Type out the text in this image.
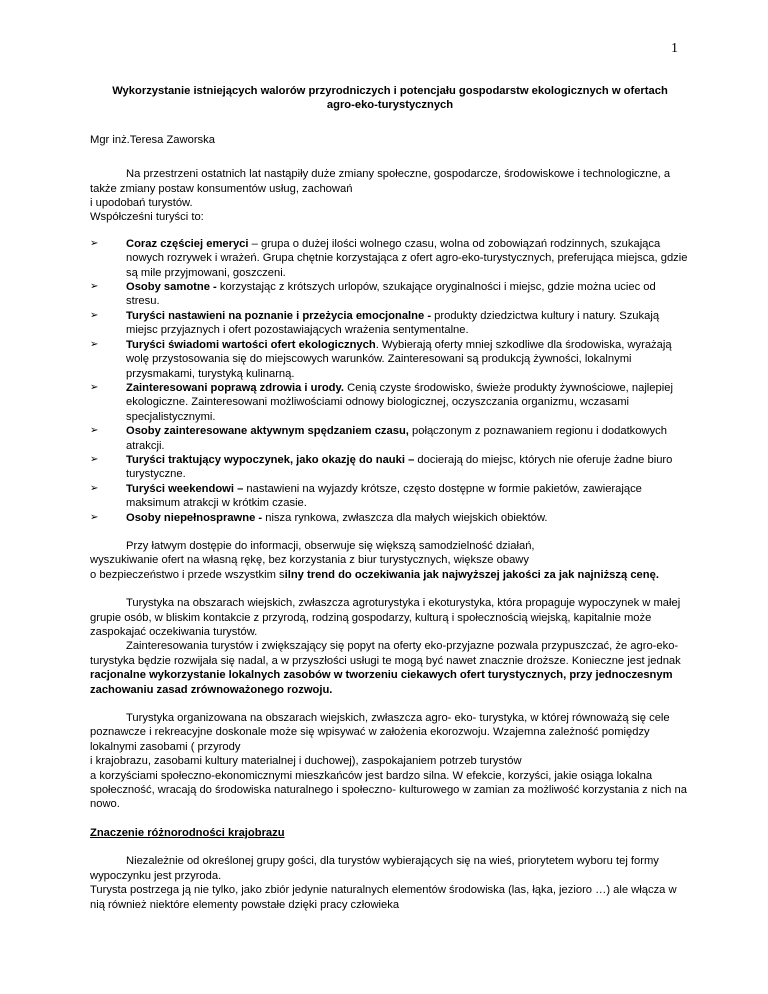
1
Wykorzystanie istniejących walorów przyrodniczych i potencjału gospodarstw ekologicznych w ofertach
agro-eko-turystycznych

Mgr inż.Teresa Zaworska

Na przestrzeni ostatnich lat nastąpiły duże zmiany społeczne, gospodarcze, środowiskowe i technologiczne, a także zmiany postaw konsumentów usług, zachowań

i upodobań turystów.

Współcześni turyści to:

➢ Coraz częściej emeryci – grupa o dużej ilości wolnego czasu, wolna od zobowiązań rodzinnych, szukająca nowych rozrywek i wrażeń. Grupa chętnie korzystająca z ofert agro-eko-turystycznych, preferująca miejsca, gdzie są mile przyjmowani, goszczeni.
➢ Osoby samotne - korzystając z krótszych urlopów, szukające oryginalności i miejsc, gdzie można uciec od stresu.
➢ Turyści nastawieni na poznanie i przeżycia emocjonalne - produkty dziedzictwa kultury i natury. Szukają miejsc przyjaznych i ofert pozostawiających wrażenia sentymentalne.
➢ Turyści świadomi wartości ofert ekologicznych. Wybierają oferty mniej szkodliwe dla środowiska, wyrażają wolę przystosowania się do miejscowych warunków. Zainteresowani są produkcją żywności, lokalnymi przysmakami, turystyką kulinarną.
➢ Zainteresowani poprawą zdrowia i urody. Cenią czyste środowisko, świeże produkty żywnościowe, najlepiej ekologiczne. Zainteresowani możliwościami odnowy biologicznej, oczyszczania organizmu, wczasami specjalistycznymi.
➢ Osoby zainteresowane aktywnym spędzaniem czasu, połączonym z poznawaniem regionu i dodatkowych atrakcji.
➢ Turyści traktujący wypoczynek, jako okazję do nauki – docierają do miejsc, których nie oferuje żadne biuro turystyczne.
➢ Turyści weekendowi – nastawieni na wyjazdy krótsze, często dostępne w formie pakietów, zawierające maksimum atrakcji w krótkim czasie.
➢ Osoby niepełnosprawne - nisza rynkowa, zwłaszcza dla małych wiejskich obiektów.

Przy łatwym dostępie do informacji, obserwuje się większą samodzielność działań,

wyszukiwanie ofert na własną rękę, bez korzystania z biur turystycznych, większe obawy

o bezpieczeństwo i przede wszystkim silny trend do oczekiwania jak najwyższej jakości za jak najniższą cenę.

Turystyka na obszarach wiejskich, zwłaszcza agroturystyka i ekoturystyka, która propaguje wypoczynek w małej grupie osób, w bliskim kontakcie z przyrodą, rodziną gospodarzy, kulturą i społecznością wiejską, kapitalnie może zaspokajać oczekiwania turystów.

Zainteresowania turystów i zwiększający się popyt na oferty eko-przyjazne pozwala przypuszczać, że agro-eko-turystyka będzie rozwijała się nadal, a w przyszłości usługi te mogą być nawet znacznie droższe. Konieczne jest jednak racjonalne wykorzystanie lokalnych zasobów w tworzeniu ciekawych ofert turystycznych, przy jednoczesnym zachowaniu zasad zrównoważonego rozwoju.

Turystyka organizowana na obszarach wiejskich, zwłaszcza agro- eko- turystyka, w której równoważą się cele poznawcze i rekreacyjne doskonale może się wpisywać w założenia ekorozwoju. Wzajemna zależność pomiędzy lokalnymi zasobami ( przyrody

i krajobrazu, zasobami kultury materialnej i duchowej), zaspokajaniem potrzeb turystów

a korzyściami społeczno-ekonomicznymi mieszkańców jest bardzo silna. W efekcie, korzyści, jakie osiąga lokalna społeczność, wracają do środowiska naturalnego i społeczno- kulturowego w zamian za możliwość korzystania z nich na nowo.

Znaczenie różnorodności krajobrazu

Niezależnie od określonej grupy gości, dla turystów wybierających się na wieś, priorytetem wyboru tej formy wypoczynku jest przyroda.

Turysta postrzega ją nie tylko, jako zbiór jedynie naturalnych elementów środowiska (las, łąka, jezioro …) ale włącza w nią również niektóre elementy powstałe dzięki pracy człowieka
